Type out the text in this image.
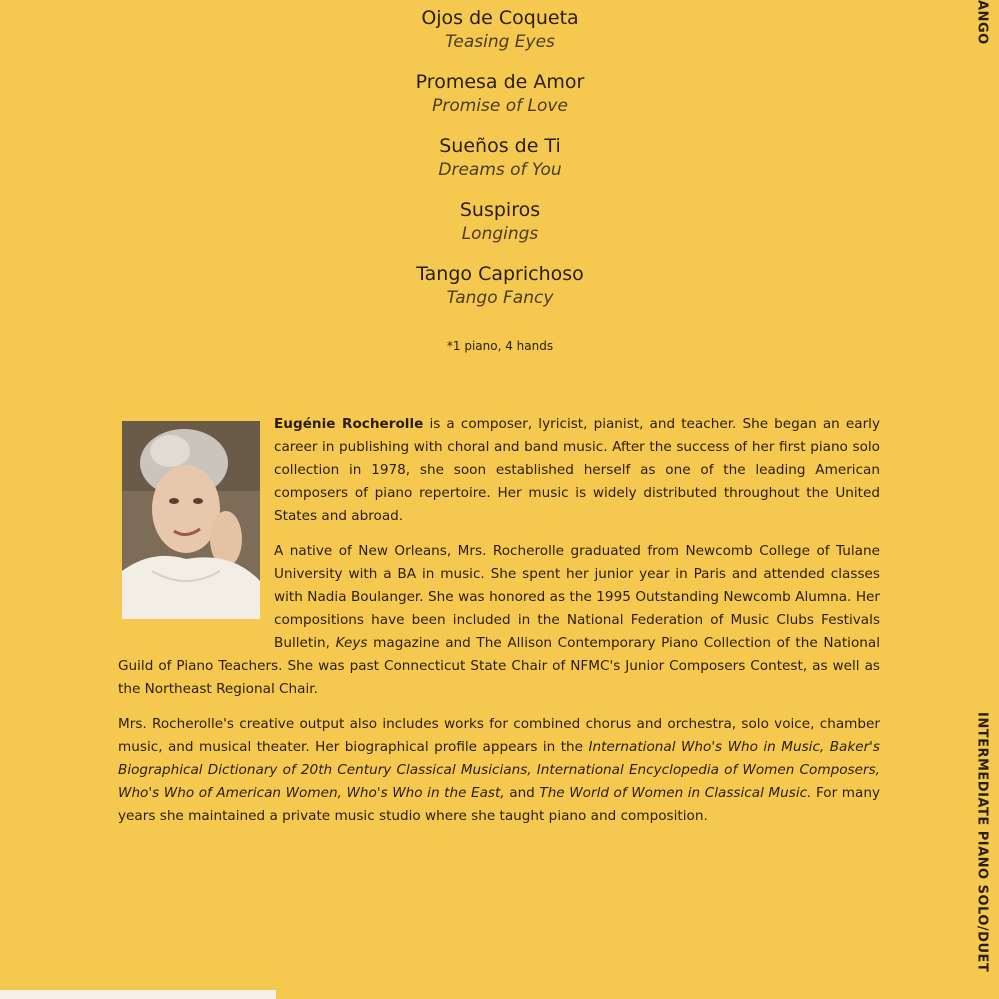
Ojos de Coqueta
Teasing Eyes
Promesa de Amor
Promise of Love
Sueños de Ti
Dreams of You
Suspiros
Longings
Tango Caprichoso
Tango Fancy
*1 piano, 4 hands

Eugénie Rocherolle is a composer, lyricist, pianist, and teacher. She began an early career in publishing with choral and band music. After the success of her first piano solo collection in 1978, she soon established herself as one of the leading American composers of piano repertoire. Her music is widely distributed throughout the United States and abroad.

A native of New Orleans, Mrs. Rocherolle graduated from Newcomb College of Tulane University with a BA in music. She spent her junior year in Paris and attended classes with Nadia Boulanger. She was honored as the 1995 Outstanding Newcomb Alumna. Her compositions have been included in the National Federation of Music Clubs Festivals Bulletin, Keys magazine and The Allison Contemporary Piano Collection of the National Guild of Piano Teachers. She was past Connecticut State Chair of NFMC's Junior Composers Contest, as well as the Northeast Regional Chair.

Mrs. Rocherolle's creative output also includes works for combined chorus and orchestra, solo voice, chamber music, and musical theater. Her biographical profile appears in the International Who's Who in Music, Baker's Biographical Dictionary of 20th Century Classical Musicians, International Encyclopedia of Women Composers, Who's Who of American Women, Who's Who in the East, and The World of Women in Classical Music. For many years she maintained a private music studio where she taught piano and composition.

ANGO
INTERMEDIATE PIANO SOLO/DUET
